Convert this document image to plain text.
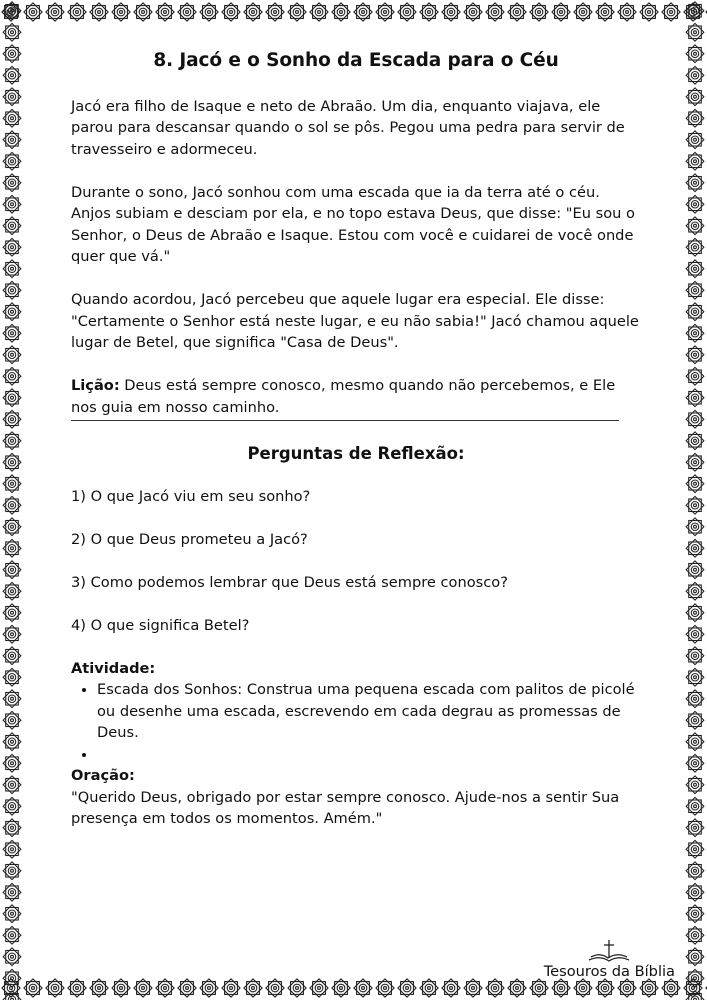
8. Jacó e o Sonho da Escada para o Céu

Jacó era filho de Isaque e neto de Abraão. Um dia, enquanto viajava, ele parou para descansar quando o sol se pôs. Pegou uma pedra para servir de travesseiro e adormeceu.

Durante o sono, Jacó sonhou com uma escada que ia da terra até o céu. Anjos subiam e desciam por ela, e no topo estava Deus, que disse: "Eu sou o Senhor, o Deus de Abraão e Isaque. Estou com você e cuidarei de você onde quer que vá."

Quando acordou, Jacó percebeu que aquele lugar era especial. Ele disse: "Certamente o Senhor está neste lugar, e eu não sabia!" Jacó chamou aquele lugar de Betel, que significa "Casa de Deus".

Lição: Deus está sempre conosco, mesmo quando não percebemos, e Ele nos guia em nosso caminho.

Perguntas de Reflexão:
1) O que Jacó viu em seu sonho?
2) O que Deus prometeu a Jacó?
3) Como podemos lembrar que Deus está sempre conosco?
4) O que significa Betel?
Atividade:
• Escada dos Sonhos: Construa uma pequena escada com palitos de picolé ou desenhe uma escada, escrevendo em cada degrau as promessas de Deus.
•
Oração:
"Querido Deus, obrigado por estar sempre conosco. Ajude-nos a sentir Sua presença em todos os momentos. Amém."
Tesouros da Bíblia
